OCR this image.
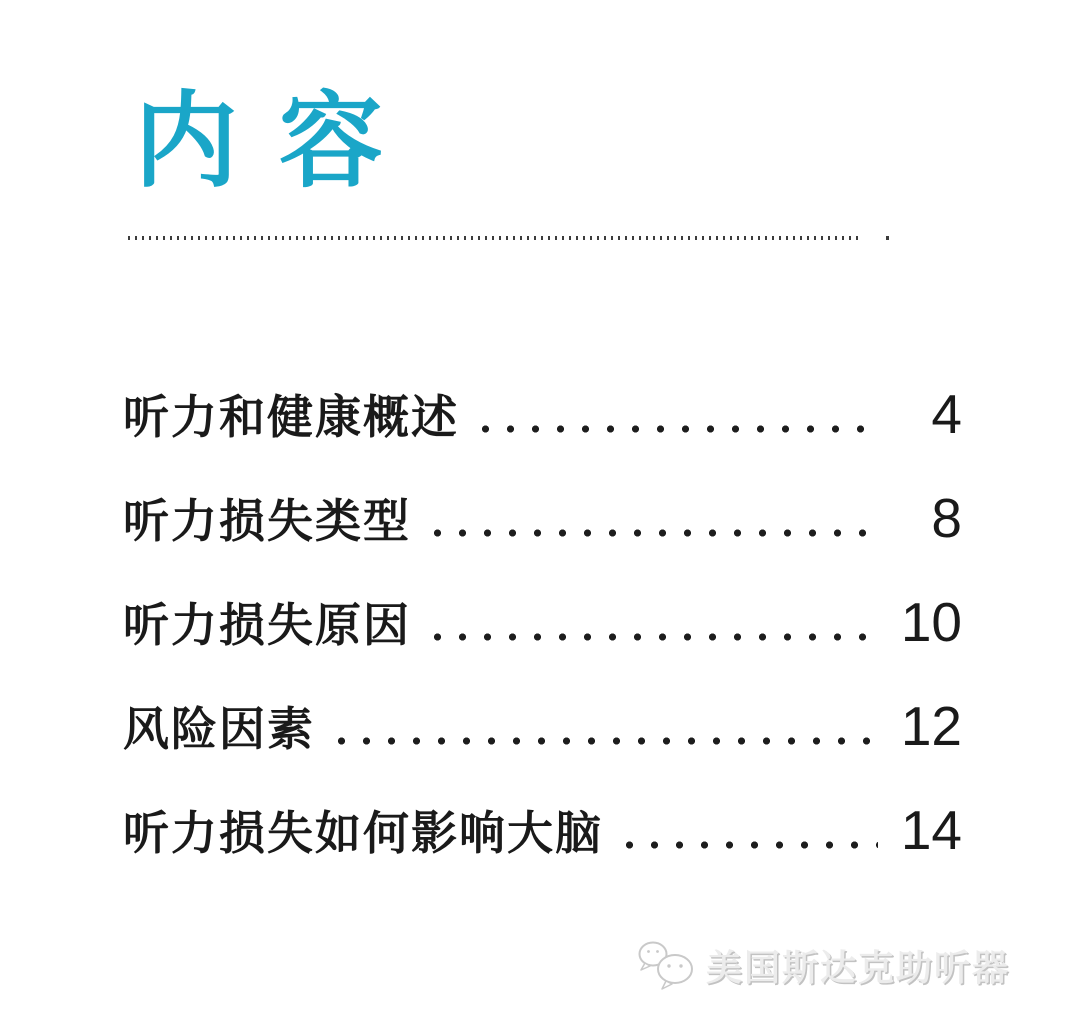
内 容
听力和健康概述	4
听力损失类型	8
听力损失原因	10
风险因素	12
听力损失如何影响大脑	14
美国斯达克助听器
